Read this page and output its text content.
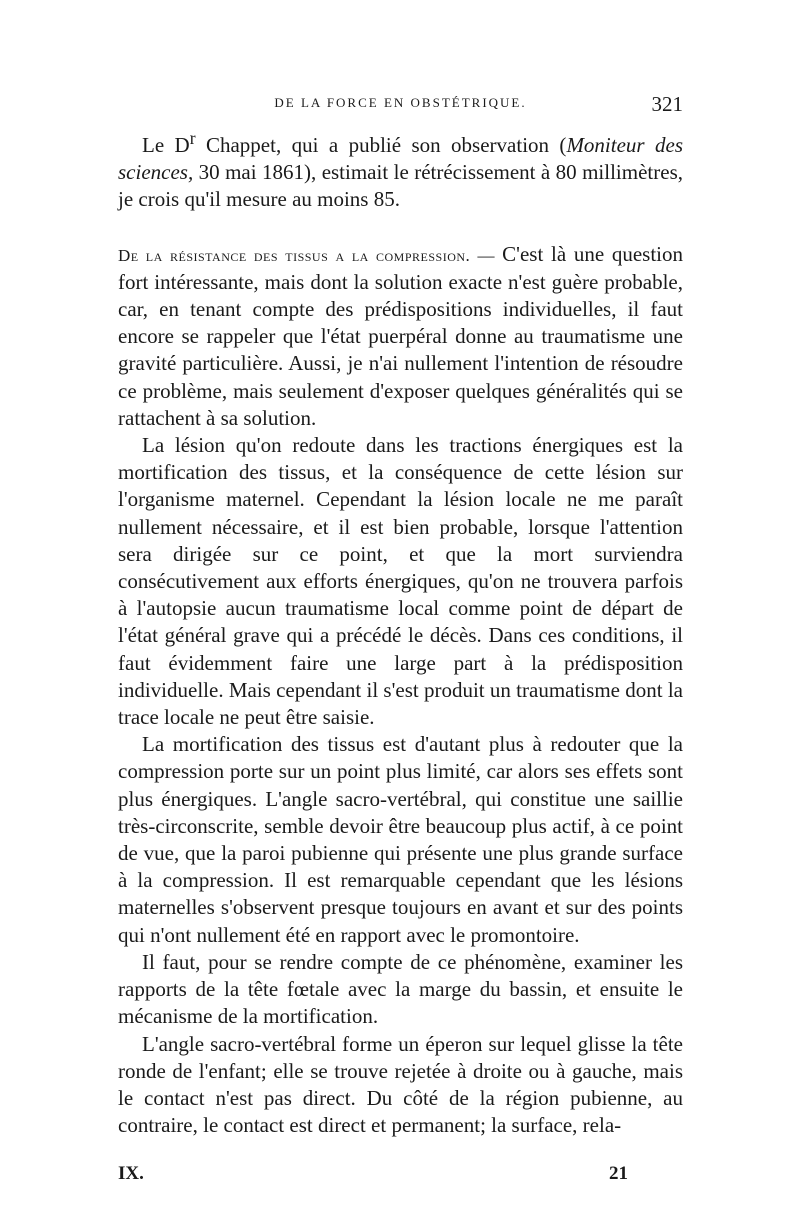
DE LA FORCE EN OBSTÉTRIQUE.	321

Le $D^r$ Chappet, qui a publié son observation (Moniteur des sciences, 30 mai 1861), estimait le rétrécissement à 80 millimètres, je crois qu'il mesure au moins 85.

De la résistance des tissus a la compression. — C'est là une question fort intéressante, mais dont la solution exacte n'est guère probable, car, en tenant compte des prédispositions individuelles, il faut encore se rappeler que l'état puerpéral donne au traumatisme une gravité particulière. Aussi, je n'ai nullement l'intention de résoudre ce problème, mais seulement d'exposer quelques généralités qui se rattachent à sa solution.

La lésion qu'on redoute dans les tractions énergiques est la mortification des tissus, et la conséquence de cette lésion sur l'organisme maternel. Cependant la lésion locale ne me paraît nullement nécessaire, et il est bien probable, lorsque l'attention sera dirigée sur ce point, et que la mort surviendra consécutivement aux efforts énergiques, qu'on ne trouvera parfois à l'autopsie aucun traumatisme local comme point de départ de l'état général grave qui a précédé le décès. Dans ces conditions, il faut évidemment faire une large part à la prédisposition individuelle. Mais cependant il s'est produit un traumatisme dont la trace locale ne peut être saisie.

La mortification des tissus est d'autant plus à redouter que la compression porte sur un point plus limité, car alors ses effets sont plus énergiques. L'angle sacro-vertébral, qui constitue une saillie très-circonscrite, semble devoir être beaucoup plus actif, à ce point de vue, que la paroi pubienne qui présente une plus grande surface à la compression. Il est remarquable cependant que les lésions maternelles s'observent presque toujours en avant et sur des points qui n'ont nullement été en rapport avec le promontoire.

Il faut, pour se rendre compte de ce phénomène, examiner les rapports de la tête fœtale avec la marge du bassin, et ensuite le mécanisme de la mortification.

L'angle sacro-vertébral forme un éperon sur lequel glisse la tête ronde de l'enfant; elle se trouve rejetée à droite ou à gauche, mais le contact n'est pas direct. Du côté de la région pubienne, au contraire, le contact est direct et permanent; la surface, rela-

IX.	21
